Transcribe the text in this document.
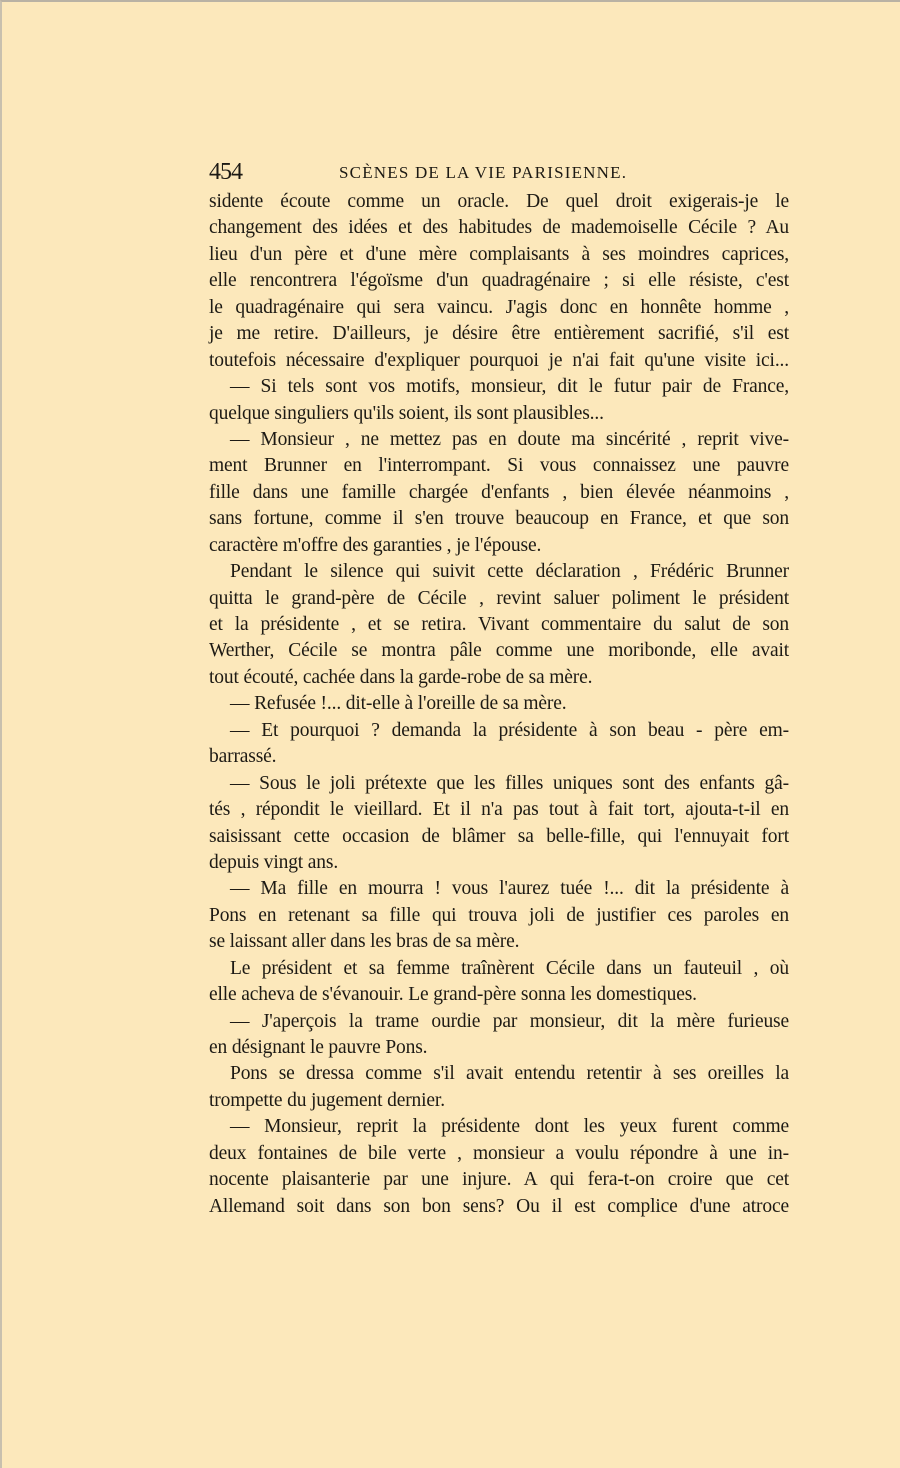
454	SCÈNES DE LA VIE PARISIENNE.
sidente écoute comme un oracle. De quel droit exigerais-je le
changement des idées et des habitudes de mademoiselle Cécile ? Au
lieu d'un père et d'une mère complaisants à ses moindres caprices,
elle rencontrera l'égoïsme d'un quadragénaire ; si elle résiste, c'est
le quadragénaire qui sera vaincu. J'agis donc en honnête homme ,
je me retire. D'ailleurs, je désire être entièrement sacrifié, s'il est
toutefois nécessaire d'expliquer pourquoi je n'ai fait qu'une visite ici...
— Si tels sont vos motifs, monsieur, dit le futur pair de France,
quelque singuliers qu'ils soient, ils sont plausibles...
— Monsieur , ne mettez pas en doute ma sincérité , reprit vive-
ment Brunner en l'interrompant. Si vous connaissez une pauvre
fille dans une famille chargée d'enfants , bien élevée néanmoins ,
sans fortune, comme il s'en trouve beaucoup en France, et que son
caractère m'offre des garanties , je l'épouse.
Pendant le silence qui suivit cette déclaration , Frédéric Brunner
quitta le grand-père de Cécile , revint saluer poliment le président
et la présidente , et se retira. Vivant commentaire du salut de son
Werther, Cécile se montra pâle comme une moribonde, elle avait
tout écouté, cachée dans la garde-robe de sa mère.
— Refusée !... dit-elle à l'oreille de sa mère.
— Et pourquoi ? demanda la présidente à son beau - père em-
barrassé.
— Sous le joli prétexte que les filles uniques sont des enfants gâ-
tés , répondit le vieillard. Et il n'a pas tout à fait tort, ajouta-t-il en
saisissant cette occasion de blâmer sa belle-fille, qui l'ennuyait fort
depuis vingt ans.
— Ma fille en mourra ! vous l'aurez tuée !... dit la présidente à
Pons en retenant sa fille qui trouva joli de justifier ces paroles en
se laissant aller dans les bras de sa mère.
Le président et sa femme traînèrent Cécile dans un fauteuil , où
elle acheva de s'évanouir. Le grand-père sonna les domestiques.
— J'aperçois la trame ourdie par monsieur, dit la mère furieuse
en désignant le pauvre Pons.
Pons se dressa comme s'il avait entendu retentir à ses oreilles la
trompette du jugement dernier.
— Monsieur, reprit la présidente dont les yeux furent comme
deux fontaines de bile verte , monsieur a voulu répondre à une in-
nocente plaisanterie par une injure. A qui fera-t-on croire que cet
Allemand soit dans son bon sens? Ou il est complice d'une atroce
